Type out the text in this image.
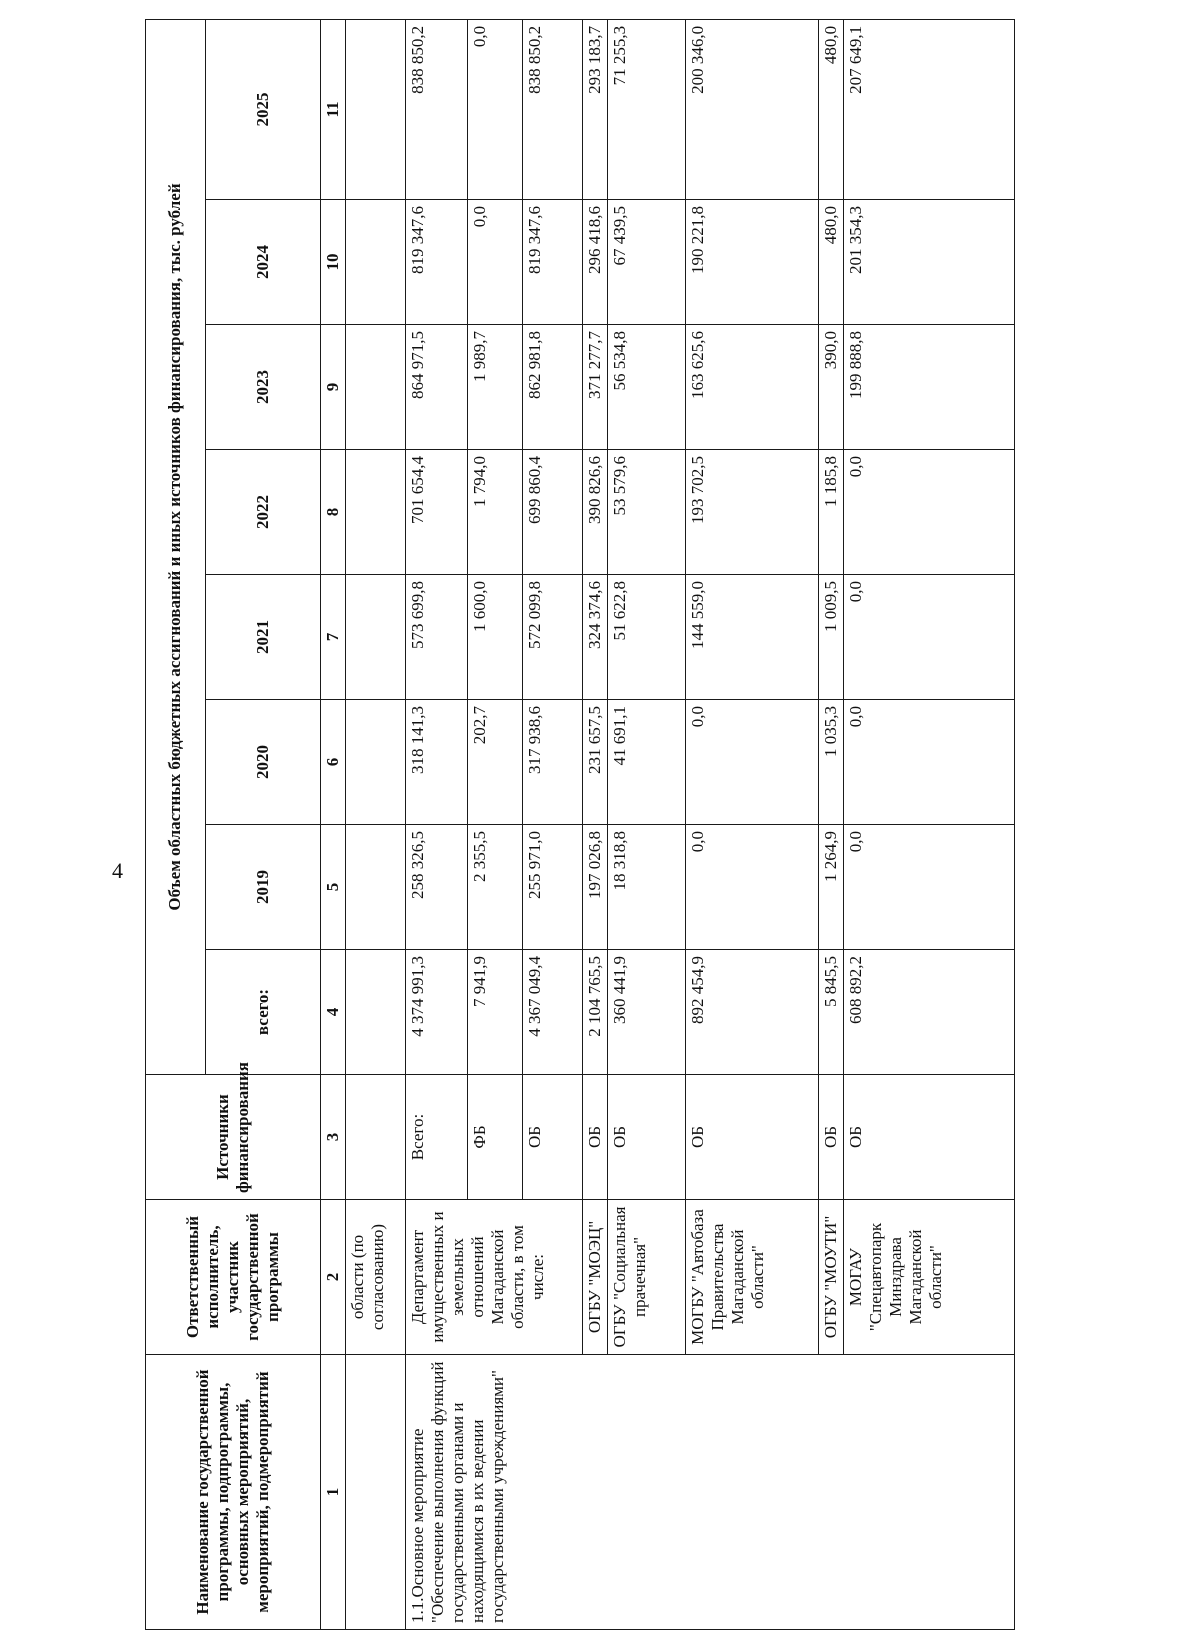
4
Наименование государственной программы, подпрограммы, основных мероприятий, мероприятий, подмероприятий	Ответственный исполнитель, участник государственной программы	Источники финансирования	Объем областных бюджетных ассигнований и иных источников финансирования, тыс. рублей							
			всего:	2019	2020	2021	2022	2023	2024	2025
1	2	3	4	5	6	7	8	9	10	11
	области (по согласованию)									
1.1.Основное мероприятие "Обеспечение выполнения функций государственными органами и находящимися в их ведении государственными учреждениями"	Департамент имущественных и земельных отношений Магаданской области, в том числе:	Всего:	4 374 991,3	258 326,5	318 141,3	573 699,8	701 654,4	864 971,5	819 347,6	838 850,2
		ФБ	7 941,9	2 355,5	202,7	1 600,0	1 794,0	1 989,7	0,0	0,0
		ОБ	4 367 049,4	255 971,0	317 938,6	572 099,8	699 860,4	862 981,8	819 347,6	838 850,2
	ОГБУ "МОЭЦ"	ОБ	2 104 765,5	197 026,8	231 657,5	324 374,6	390 826,6	371 277,7	296 418,6	293 183,7
	ОГБУ "Социальная прачечная"	ОБ	360 441,9	18 318,8	41 691,1	51 622,8	53 579,6	56 534,8	67 439,5	71 255,3
	МОГБУ "Автобаза Правительства Магаданской области"	ОБ	892 454,9	0,0	0,0	144 559,0	193 702,5	163 625,6	190 221,8	200 346,0
	ОГБУ "МОУТИ"	ОБ	5 845,5	1 264,9	1 035,3	1 009,5	1 185,8	390,0	480,0	480,0
	МОГАУ "Спецавтопарк Минздрава Магаданской области"	ОБ	608 892,2	0,0	0,0	0,0	0,0	199 888,8	201 354,3	207 649,1
